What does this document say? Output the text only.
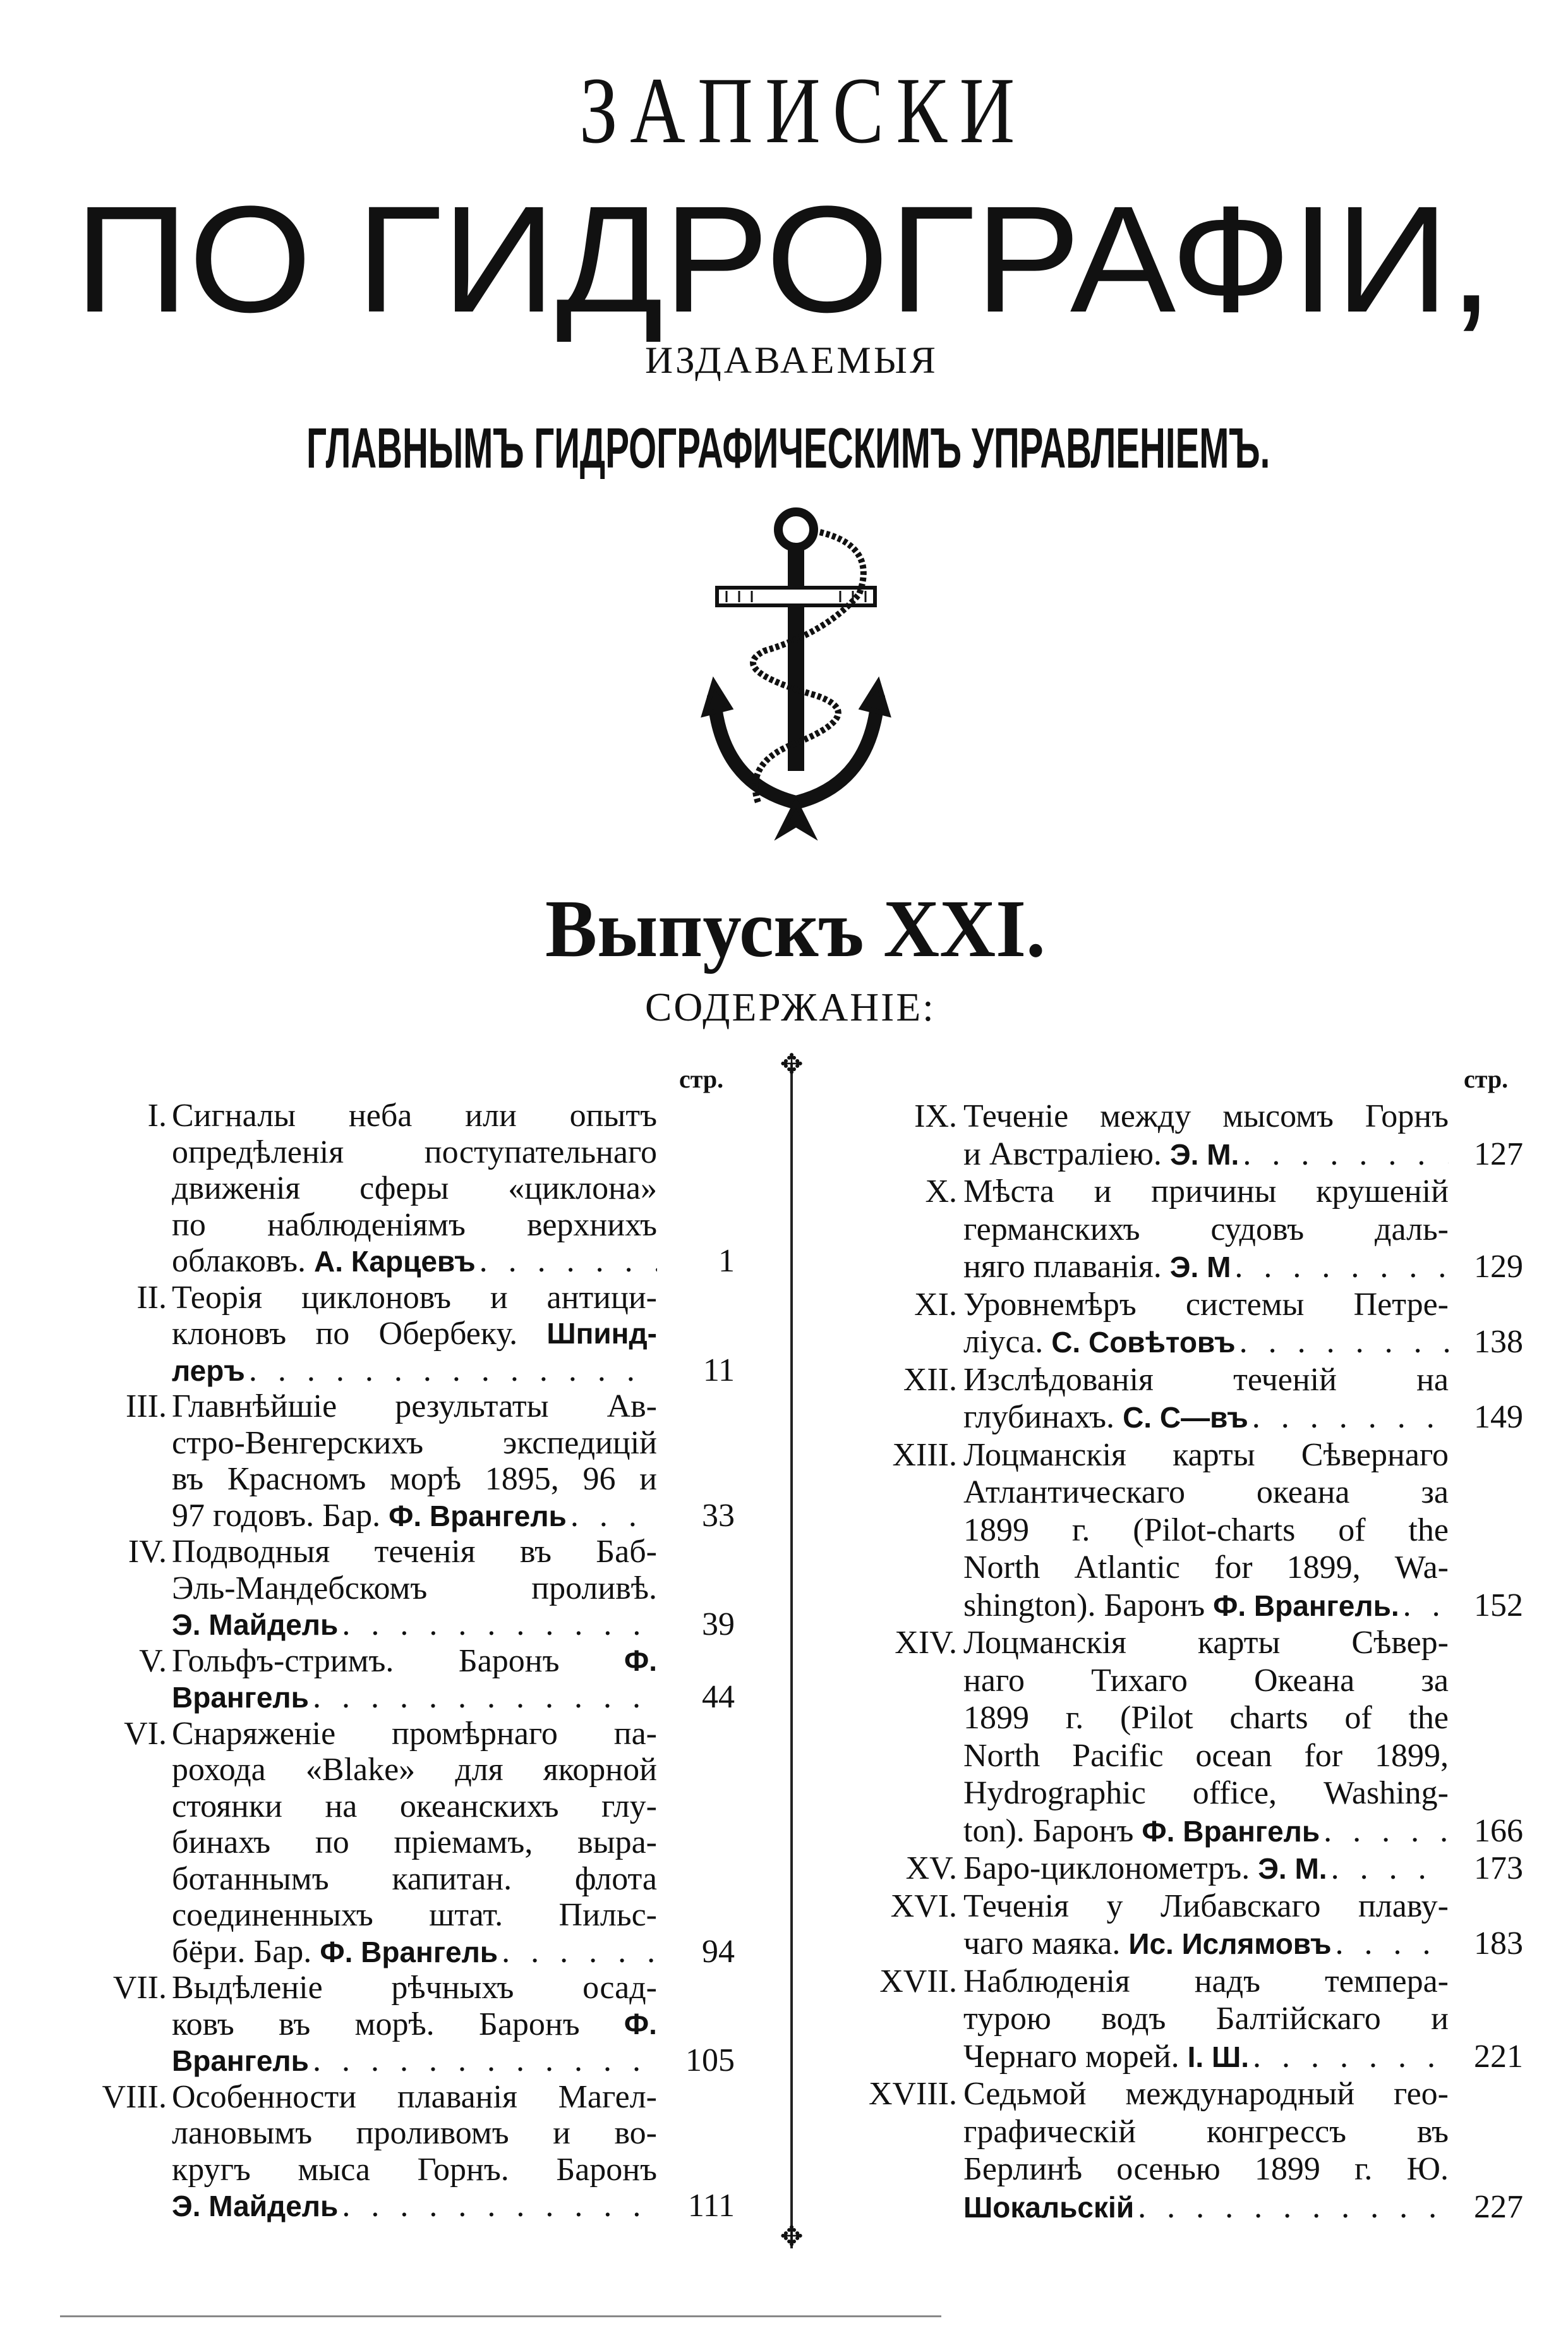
ЗАПИСКИ
ПО ГИДРОГРАФІИ,
ИЗДАВАЕМЫЯ
ГЛАВНЫМЪ ГИДРОГРАФИЧЕСКИМЪ УПРАВЛЕНІЕМЪ.
Выпускъ XXI.
СОДЕРЖАНІЕ:
стр.	стр.
I. Сигналы неба или опытъ
опредѣленія поступательнаго
движенія сферы «циклона»
по наблюденіямъ верхнихъ
облаковъ. А. Карцевъ . . .	1
II. Теорія циклоновъ и антици-
клоновъ по Обербеку. Шпинд-
леръ . . .	11
III. Главнѣйшіе результаты Ав-
стро-Венгерскихъ экспедицій
въ Красномъ морѣ 1895, 96 и
97 годовъ. Бар. Ф. Врангель . . .	33
IV. Подводныя теченія въ Баб-
Эль-Мандебскомъ	проливѣ.
Э. Майдель . . .	39
V. Гольфъ-стримъ. Баронъ Ф.
Врангель . . .	44
VI. Снаряженіе промѣрнаго па-
рохода «Blake» для якорной
стоянки на океанскихъ глу-
бинахъ по пріемамъ, выра-
ботаннымъ капитан. флота
соединенныхъ штат. Пильс-
бёри. Бар. Ф. Врангель . . .	94
VII. Выдѣленіе рѣчныхъ осад-
ковъ въ морѣ. Баронъ Ф.
Врангель . . .	105
VIII. Особенности плаванія Магел-
лановымъ проливомъ и во-
кругъ мыса Горнъ. Баронъ
Э. Майдель . . .	111
✥
✥
IX. Теченіе между мысомъ Горнъ
и Австраліею. Э. М. . . .	127
X. Мѣста и причины крушеній
германскихъ судовъ даль-
няго плаванія. Э. М . . .	129
XI. Уровнемѣръ системы Петре-
ліуса. С. Совѣтовъ . . .	138
XII. Изслѣдованія теченій на
глубинахъ. С. С—въ . . .	149
XIII. Лоцманскія карты Сѣвернаго
Атлантическаго океана за
1899 г. (Pilot-charts of the
North Atlantic for 1899, Wa-
shington). Баронъ Ф. Врангель. . . . 152
XIV. Лоцманскія карты Сѣвер-
наго Тихаго Океана за
1899 г. (Pilot charts of the
North Pacific ocean for 1899,
Hydrographic office, Washing-
ton). Баронъ Ф. Врангель . . .	166
XV. Баро-циклонометръ. Э. М. . . .	173
XVI. Теченія у Либавскаго плаву-
чаго маяка. Ис. Ислямовъ . . .	183
XVII. Наблюденія надъ темпера-
турою водъ Балтійскаго и
Чернаго морей. І. Ш. . . .	221
XVIII. Седьмой международный гео-
графическій конгрессъ въ
Берлинѣ осенью 1899 г. Ю.
Шокальскій . . .	227
